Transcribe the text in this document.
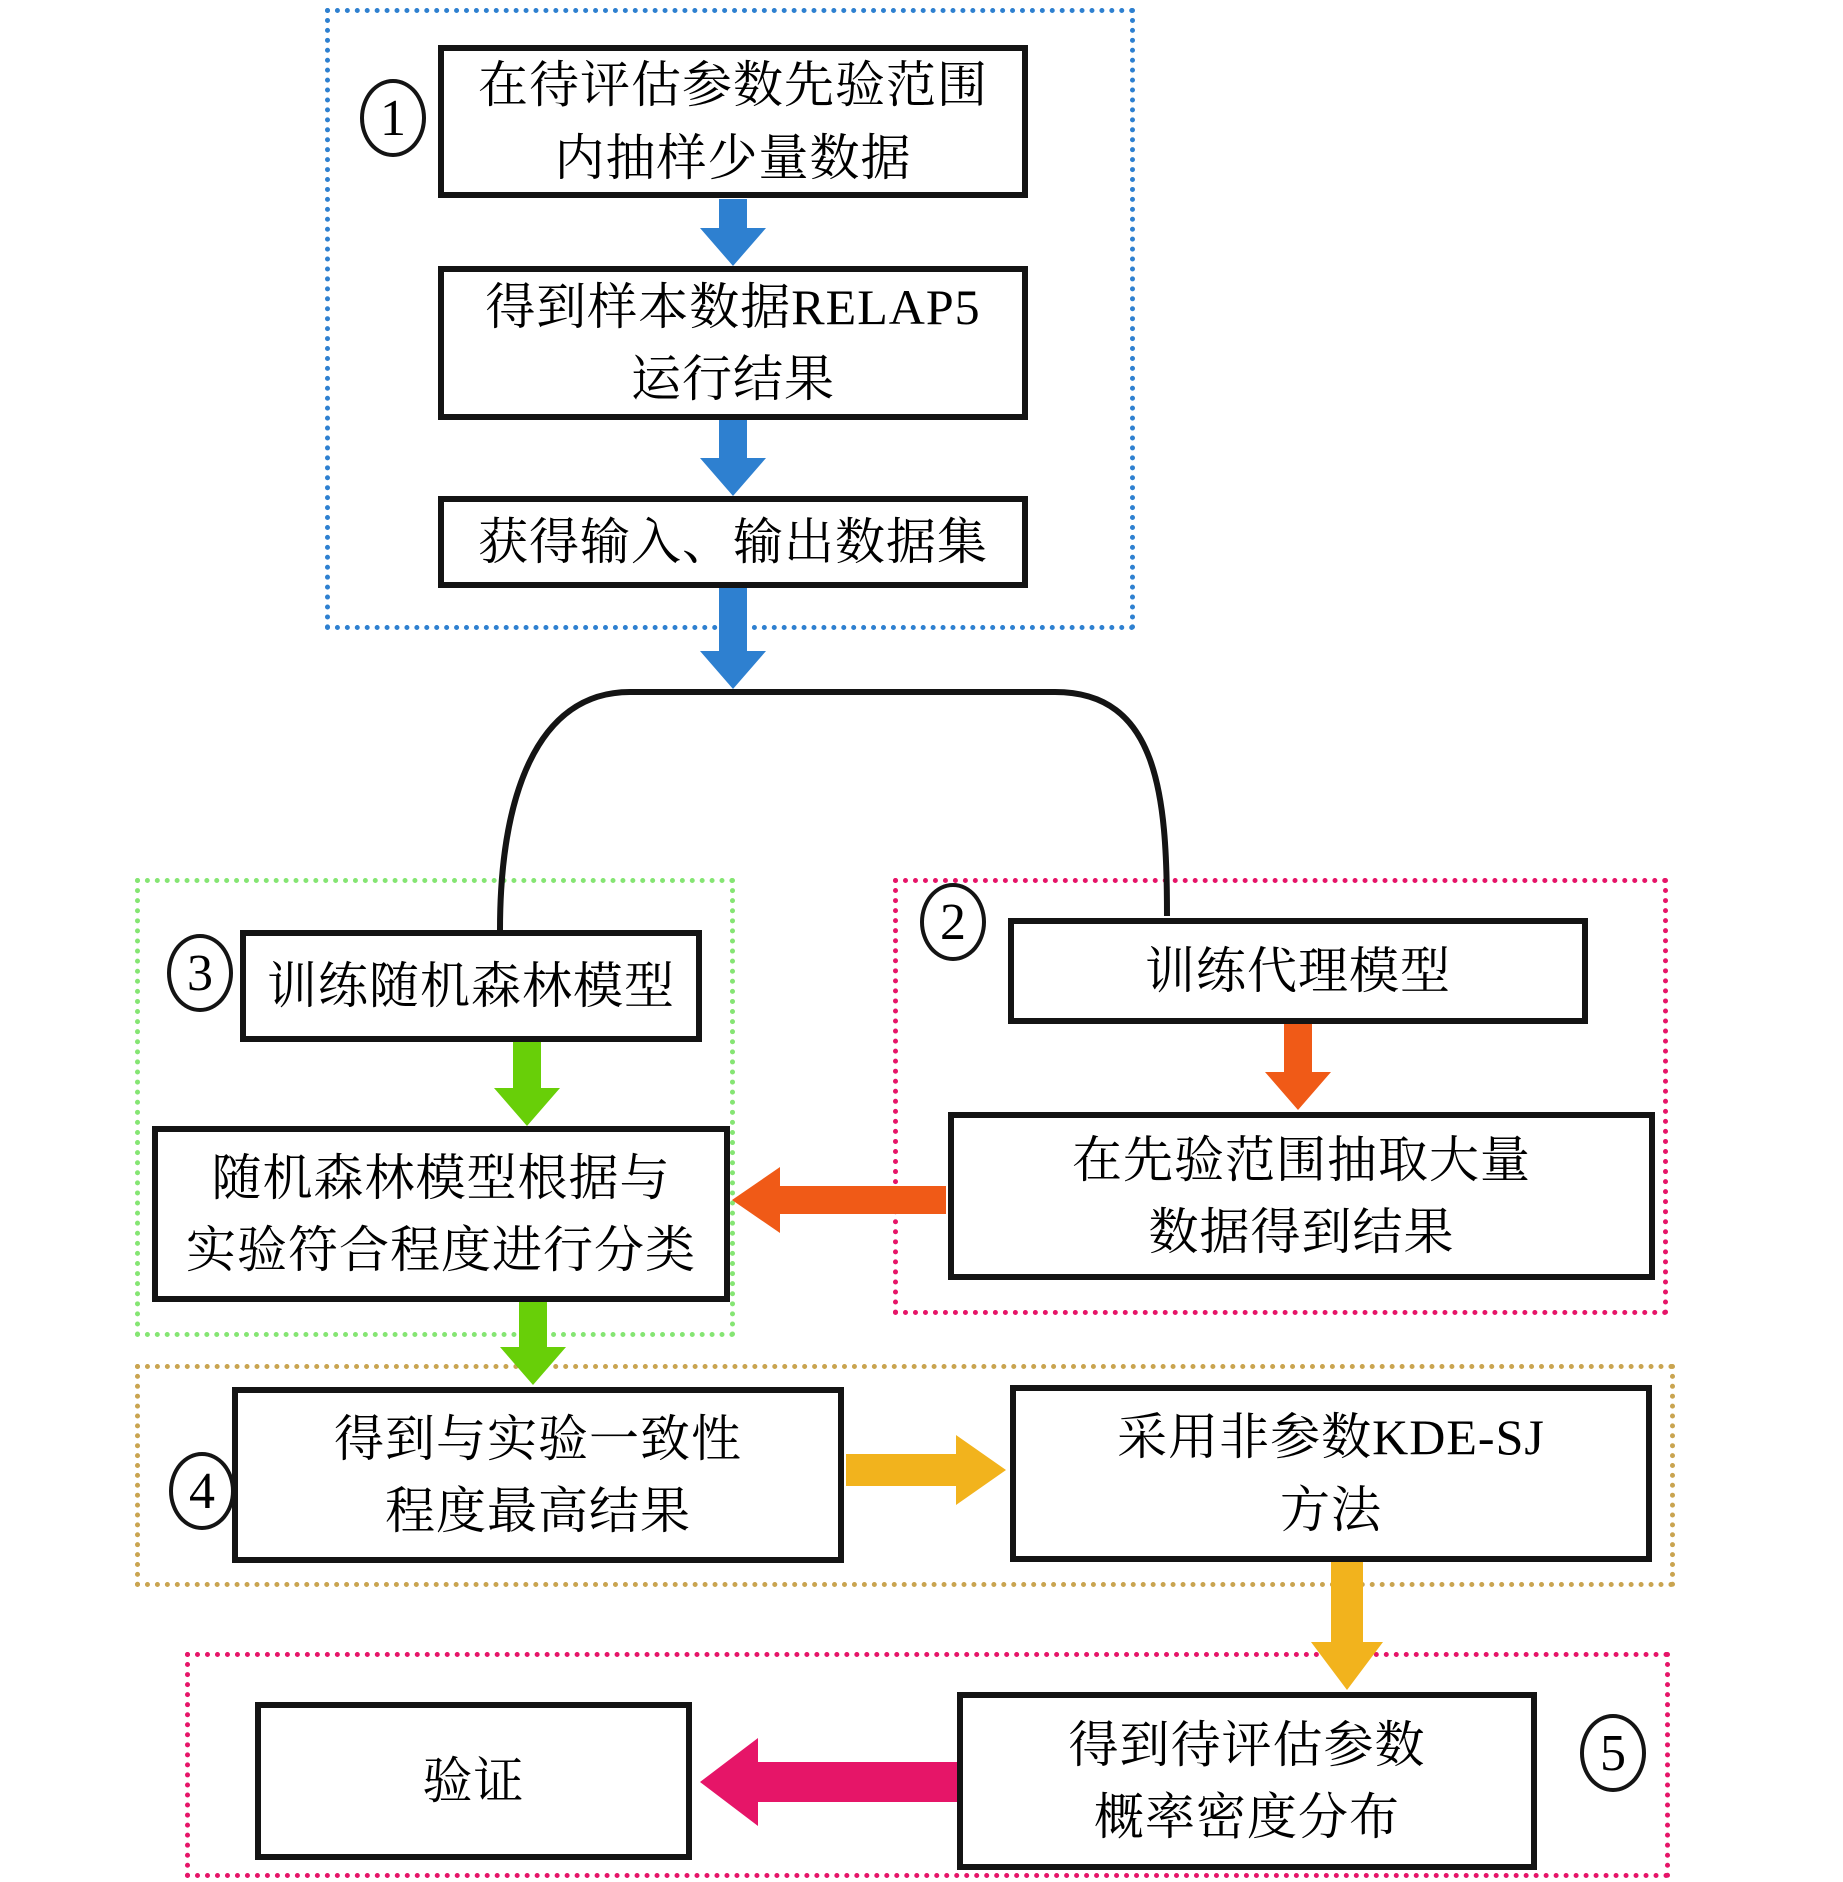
1
2
3
4
5
在待评估参数先验范围
内抽样少量数据
得到样本数据RELAP5
运行结果
获得输入、输出数据集
训练随机森林模型
随机森林模型根据与
实验符合程度进行分类
训练代理模型
在先验范围抽取大量
数据得到结果
得到与实验一致性
程度最高结果
采用非参数KDE-SJ
方法
得到待评估参数
概率密度分布
验证
